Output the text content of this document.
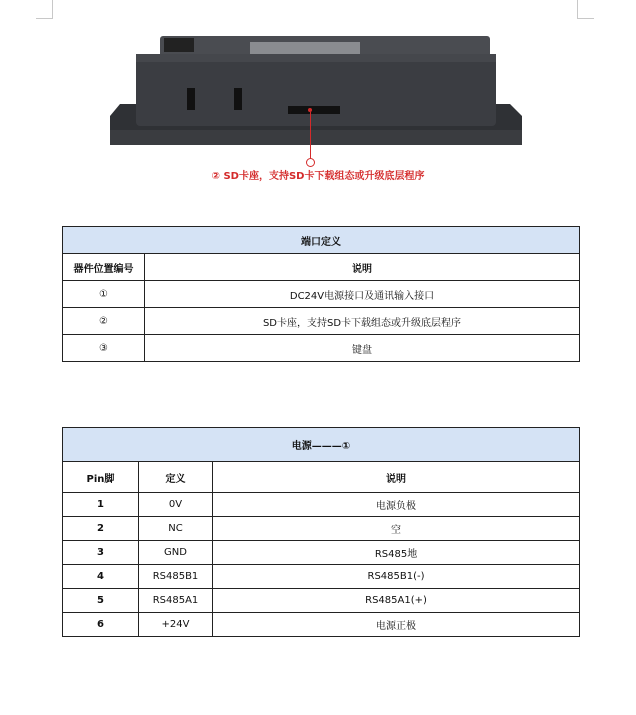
② SD卡座，支持SD卡下载组态或升级底层程序
端口定义	
器件位置编号	说明
①	DC24V电源接口及通讯输入接口
②	SD卡座，支持SD卡下载组态或升级底层程序
③	键盘
电源———①		
Pin脚	定义	说明
1	0V	电源负极
2	NC	空
3	GND	RS485地
4	RS485B1	RS485B1(-)
5	RS485A1	RS485A1(+)
6	+24V	电源正极
